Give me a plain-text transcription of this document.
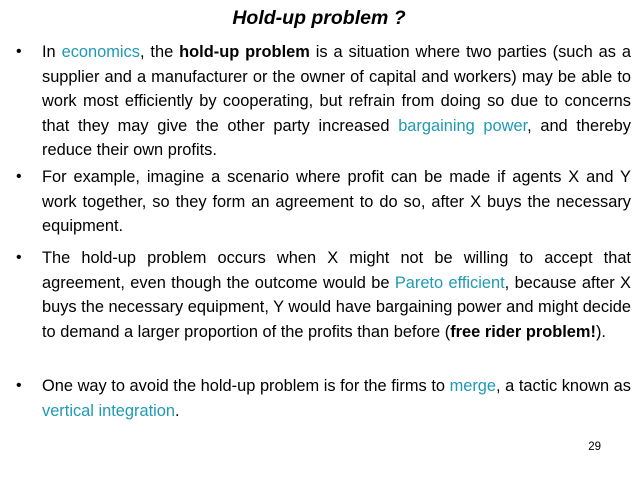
Hold-up problem ?
• In economics, the hold-up problem is a situation where two parties (such as a supplier and a manufacturer or the owner of capital and workers) may be able to work most efficiently by cooperating, but refrain from doing so due to concerns that they may give the other party increased bargaining power, and thereby reduce their own profits.
• For example, imagine a scenario where profit can be made if agents X and Y work together, so they form an agreement to do so, after X buys the necessary equipment.
• The hold-up problem occurs when X might not be willing to accept that agreement, even though the outcome would be Pareto efficient, because after X buys the necessary equipment, Y would have bargaining power and might decide to demand a larger proportion of the profits than before (free rider problem!).
• One way to avoid the hold-up problem is for the firms to merge, a tactic known as vertical integration.
29
